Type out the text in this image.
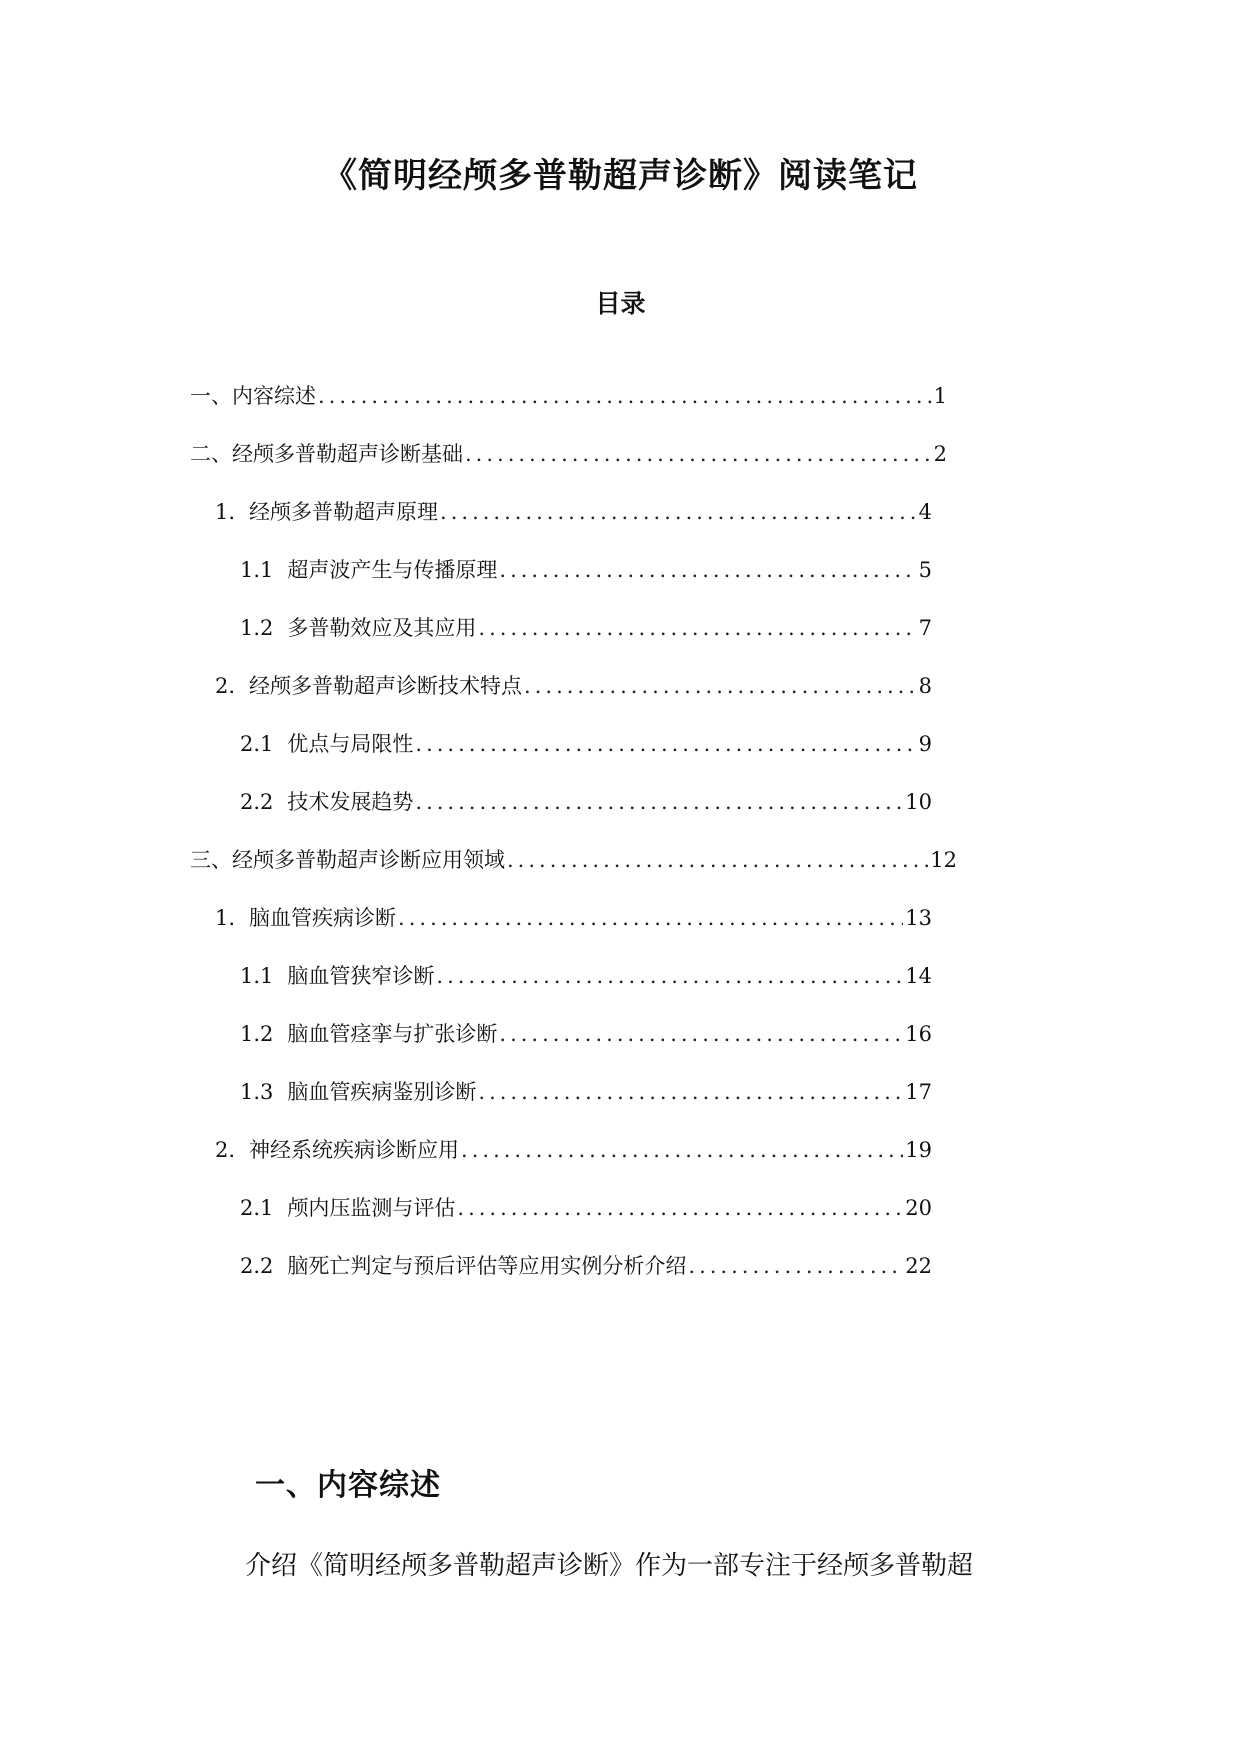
《简明经颅多普勒超声诊断》阅读笔记
目录
一、内容综述 .....	1
二、经颅多普勒超声诊断基础 .....	2
1. 经颅多普勒超声原理 .....	4
1.1 超声波产生与传播原理 .....	5
1.2 多普勒效应及其应用 .....	7
2. 经颅多普勒超声诊断技术特点 .....	8
2.1 优点与局限性 .....	9
2.2 技术发展趋势 .....	10
三、经颅多普勒超声诊断应用领域 .....	12
1. 脑血管疾病诊断 .....	13
1.1 脑血管狭窄诊断 .....	14
1.2 脑血管痉挛与扩张诊断 .....	16
1.3 脑血管疾病鉴别诊断 .....	17
2. 神经系统疾病诊断应用 .....	19
2.1 颅内压监测与评估 .....	20
2.2 脑死亡判定与预后评估等应用实例分析介绍 .....	22
一、内容综述

介绍《简明经颅多普勒超声诊断》作为一部专注于经颅多普勒超
